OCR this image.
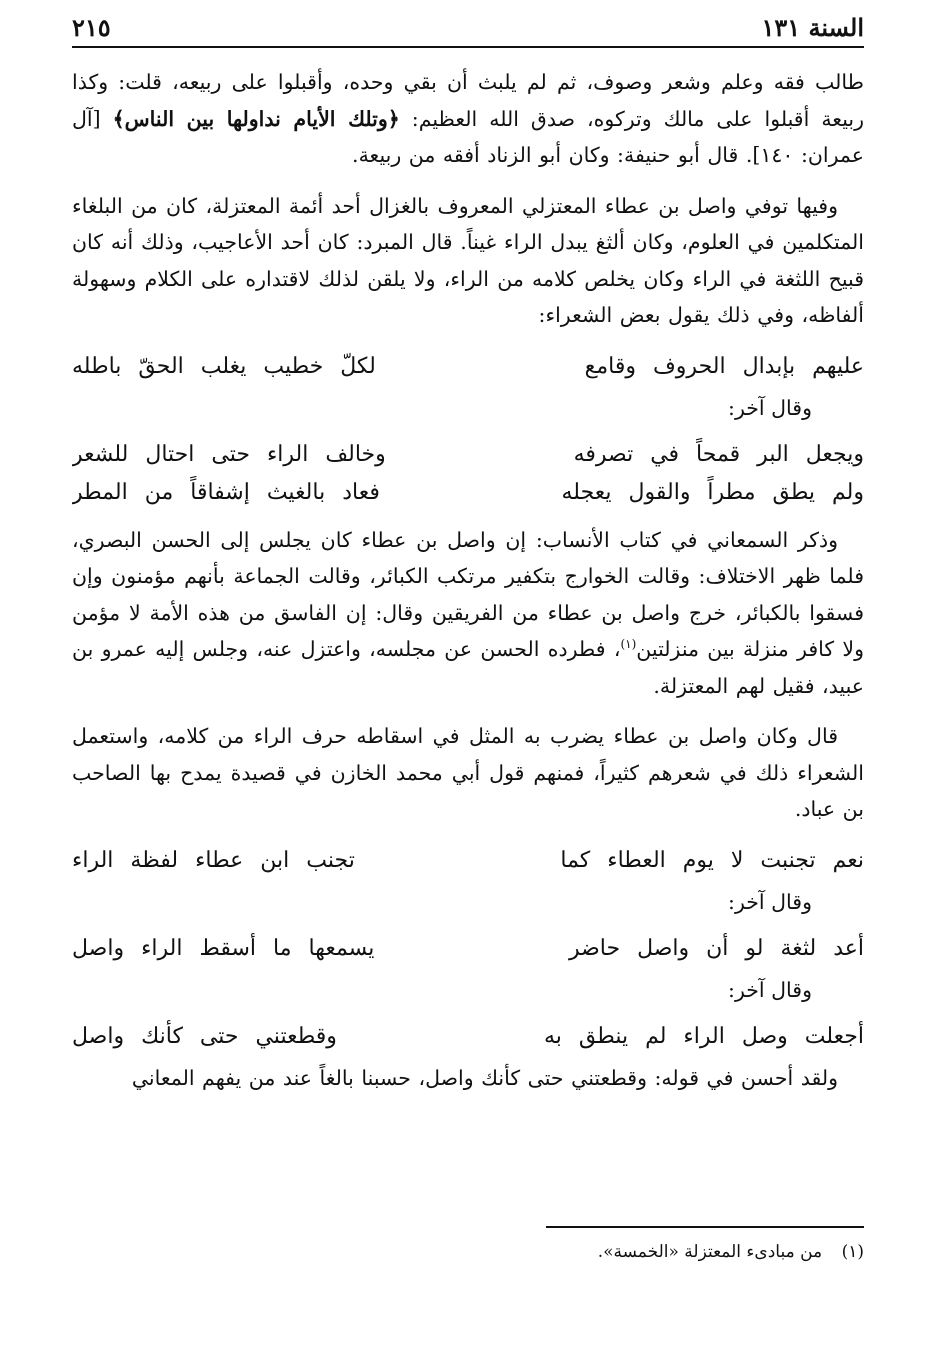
السنة ١٣١
٢١٥

طالب فقه وعلم وشعر وصوف، ثم لم يلبث أن بقي وحده، وأقبلوا على ربيعه، قلت: وكذا ربيعة أقبلوا على مالك وتركوه، صدق الله العظيم: ﴿وتلك الأيام نداولها بين الناس﴾ [آل عمران: ١٤٠]. قال أبو حنيفة: وكان أبو الزناد أفقه من ربيعة.

وفيها توفي واصل بن عطاء المعتزلي المعروف بالغزال أحد أئمة المعتزلة، كان من البلغاء المتكلمين في العلوم، وكان ألثغ يبدل الراء غيناً. قال المبرد: كان أحد الأعاجيب، وذلك أنه كان قبيح اللثغة في الراء وكان يخلص كلامه من الراء، ولا يلقن لذلك لاقتداره على الكلام وسهولة ألفاظه، وفي ذلك يقول بعض الشعراء:

عليهم بإبدال الحروف وقامع
لكلّ خطيب يغلب الحقّ باطله

وقال آخر:

ويجعل البر قمحاً في تصرفه
وخالف الراء حتى احتال للشعر
ولم يطق مطراً والقول يعجله
فعاد بالغيث إشفاقاً من المطر

وذكر السمعاني في كتاب الأنساب: إن واصل بن عطاء كان يجلس إلى الحسن البصري، فلما ظهر الاختلاف: وقالت الخوارج بتكفير مرتكب الكبائر، وقالت الجماعة بأنهم مؤمنون وإن فسقوا بالكبائر، خرج واصل بن عطاء من الفريقين وقال: إن الفاسق من هذه الأمة لا مؤمن ولا كافر منزلة بين منزلتين$^{(١)}$، فطرده الحسن عن مجلسه، واعتزل عنه، وجلس إليه عمرو بن عبيد، فقيل لهم المعتزلة.

قال وكان واصل بن عطاء يضرب به المثل في اسقاطه حرف الراء من كلامه، واستعمل الشعراء ذلك في شعرهم كثيراً، فمنهم قول أبي محمد الخازن في قصيدة يمدح بها الصاحب بن عباد.

نعم تجنبت لا يوم العطاء كما
تجنب ابن عطاء لفظة الراء

وقال آخر:

أعد لثغة لو أن واصل حاضر
يسمعها ما أسقط الراء واصل

وقال آخر:

أجعلت وصل الراء لم ينطق به
وقطعتني حتى كأنك واصل

ولقد أحسن في قوله: وقطعتني حتى كأنك واصل، حسبنا بالغاً عند من يفهم المعاني

(١) من مبادىء المعتزلة «الخمسة».
